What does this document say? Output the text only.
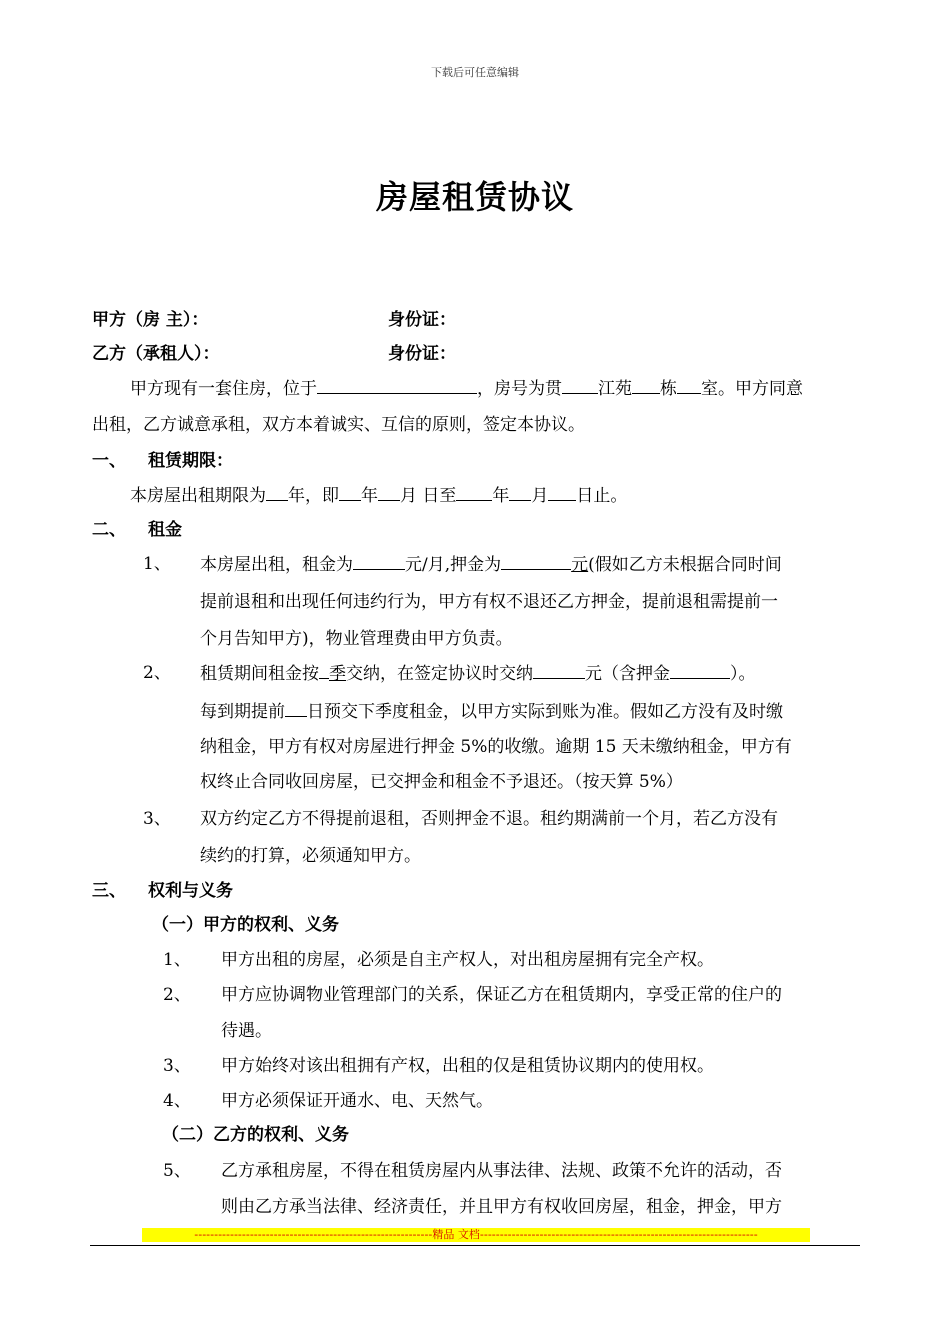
下载后可任意编辑
房屋租赁协议
甲方（房 主）：	身份证：
乙方（承租人）：	身份证：
甲方现有一套住房，位于	，房号为贯 江苑 栋 室。甲方同意
出租，乙方诚意承租，双方本着诚实、互信的原则，签定本协议。
一、 租赁期限：
本房屋出租期限为 年，即 年 月 日至 年 月 日止。
二、 租金
1、 本房屋出租，租金为	元/月,押金为	元(假如乙方未根据合同时间
提前退租和出现任何违约行为，甲方有权不退还乙方押金，提前退租需提前一
个月告知甲方)，物业管理费由甲方负责。
2、 租赁期间租金按 季交纳，在签定协议时交纳	元（含押金	）。
每到期提前 日预交下季度租金，以甲方实际到账为准。假如乙方没有及时缴
纳租金，甲方有权对房屋进行押金 5%的收缴。逾期 15 天未缴纳租金，甲方有
权终止合同收回房屋，已交押金和租金不予退还。（按天算 5%）
3、 双方约定乙方不得提前退租，否则押金不退。租约期满前一个月，若乙方没有
续约的打算，必须通知甲方。
三、 权利与义务
（一）甲方的权利、义务
1、 甲方出租的房屋，必须是自主产权人，对出租房屋拥有完全产权。
2、 甲方应协调物业管理部门的关系，保证乙方在租赁期内，享受正常的住户的
待遇。
3、 甲方始终对该出租拥有产权，出租的仅是租赁协议期内的使用权。
4、 甲方必须保证开通水、电、天然气。
（二）乙方的权利、义务
5、 乙方承租房屋，不得在租赁房屋内从事法律、法规、政策不允许的活动，否
则由乙方承当法律、经济责任，并且甲方有权收回房屋，租金，押金，甲方
------------------------------------------------------------精品 文档----------------------------------------------------------------------
